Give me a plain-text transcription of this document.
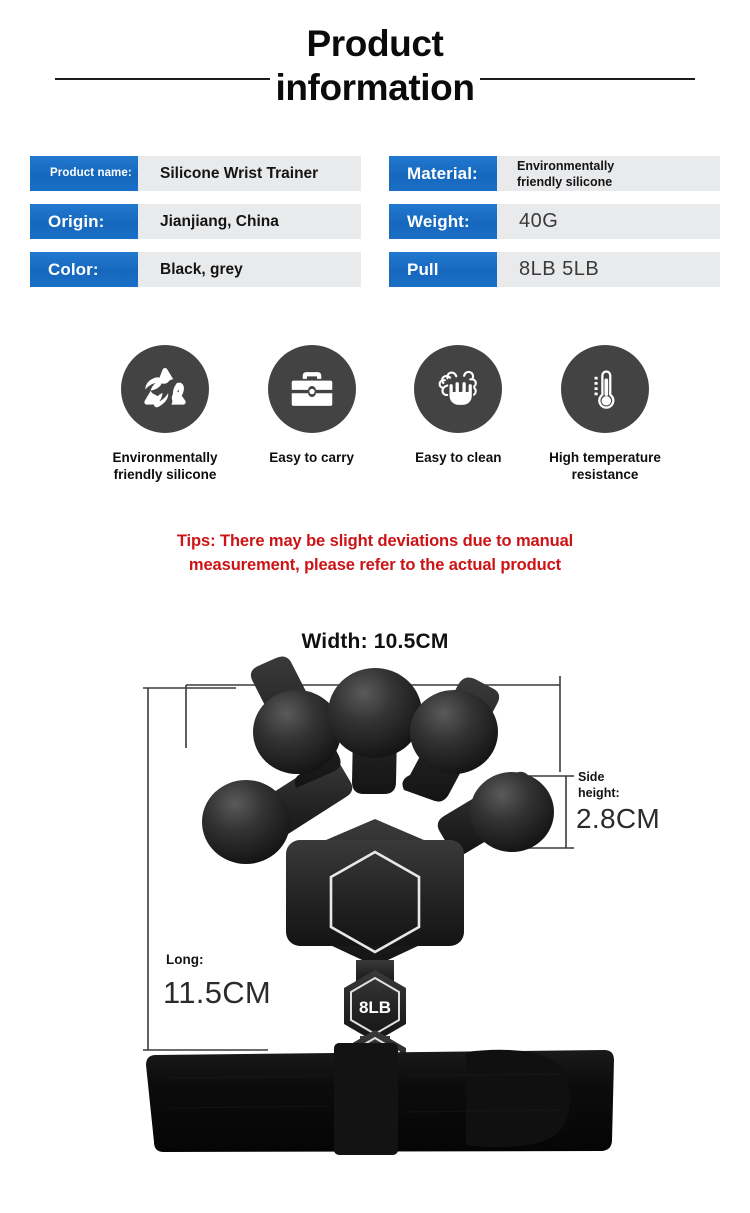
Product
information
Product name:	Silicone Wrist Trainer	Material:	Environmentally
friendly silicone
Origin:	Jianjiang, China	Weight:	40G
Color:	Black, grey	Pull	8LB 5LB
Environmentally
friendly silicone
Easy to carry	Easy to clean	High temperature
resistance
Tips: There may be slight deviations due to manual
measurement, please refer to the actual product
8LB
Width: 10.5CM
Side
height:
2.8CM
Long:
11.5CM
